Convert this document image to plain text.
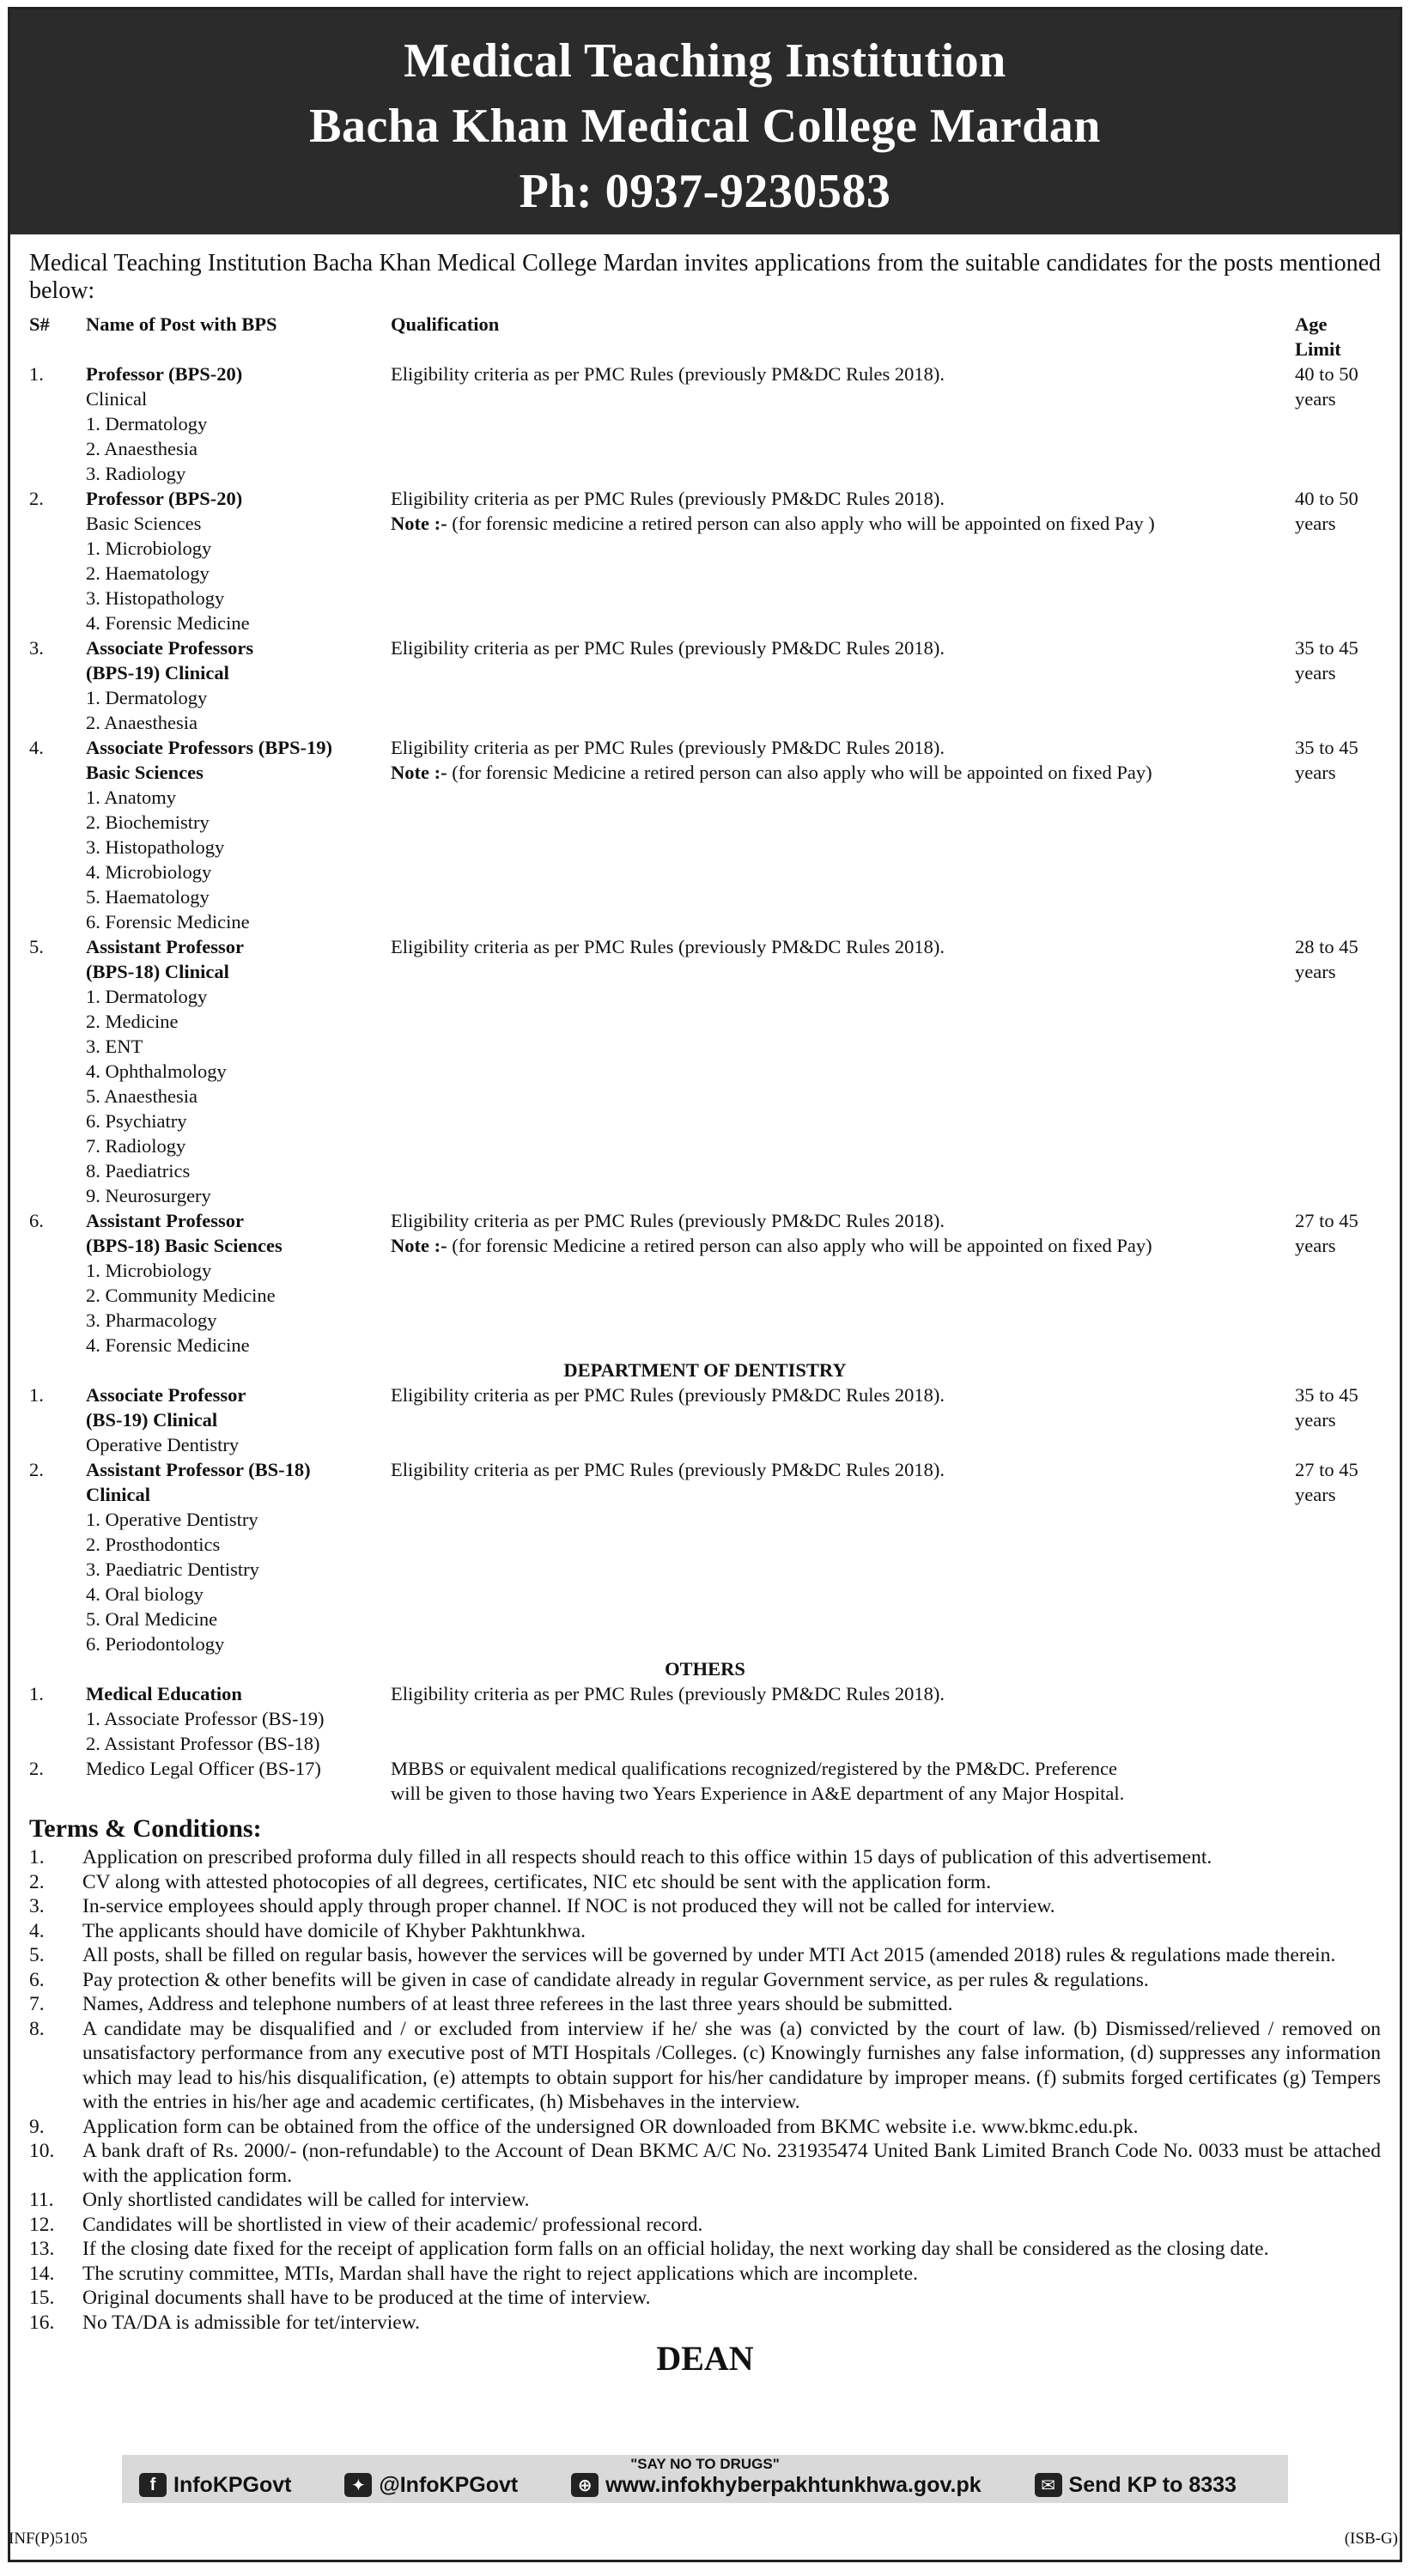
Medical Teaching Institution
Bacha Khan Medical College Mardan
Ph: 0937-9230583
Medical Teaching Institution Bacha Khan Medical College Mardan invites applications from the suitable candidates for the posts mentioned below:
S#	Name of Post with BPS	Qualification	Age
Limit
1.	Professor (BPS-20)
Clinical
1. Dermatology
2. Anaesthesia
3. Radiology
Eligibility criteria as per PMC Rules (previously PM&DC Rules 2018).	40 to 50
years
2.	Professor (BPS-20)
Basic Sciences
1. Microbiology
2. Haematology
3. Histopathology
4. Forensic Medicine
Eligibility criteria as per PMC Rules (previously PM&DC Rules 2018).
Note :- (for forensic medicine a retired person can also apply who will be appointed on fixed Pay )
40 to 50
years
3.	Associate Professors
(BPS-19) Clinical
1. Dermatology
2. Anaesthesia
Eligibility criteria as per PMC Rules (previously PM&DC Rules 2018).	35 to 45
years
4.	Associate Professors (BPS-19)
Basic Sciences
1. Anatomy
2. Biochemistry
3. Histopathology
4. Microbiology
5. Haematology
6. Forensic Medicine
Eligibility criteria as per PMC Rules (previously PM&DC Rules 2018).
Note :- (for forensic Medicine a retired person can also apply who will be appointed on fixed Pay)
35 to 45
years
5.	Assistant Professor
(BPS-18) Clinical
1. Dermatology
2. Medicine
3. ENT
4. Ophthalmology
5. Anaesthesia
6. Psychiatry
7. Radiology
8. Paediatrics
9. Neurosurgery
Eligibility criteria as per PMC Rules (previously PM&DC Rules 2018).	28 to 45
years
6.	Assistant Professor
(BPS-18) Basic Sciences
1. Microbiology
2. Community Medicine
3. Pharmacology
4. Forensic Medicine
Eligibility criteria as per PMC Rules (previously PM&DC Rules 2018).
Note :- (for forensic Medicine a retired person can also apply who will be appointed on fixed Pay)
27 to 45
years
DEPARTMENT OF DENTISTRY
1.	Associate Professor
(BS-19) Clinical
Operative Dentistry
Eligibility criteria as per PMC Rules (previously PM&DC Rules 2018).	35 to 45
years
2.	Assistant Professor (BS-18)
Clinical
1. Operative Dentistry
2. Prosthodontics
3. Paediatric Dentistry
4. Oral biology
5. Oral Medicine
6. Periodontology
Eligibility criteria as per PMC Rules (previously PM&DC Rules 2018).	27 to 45
years
OTHERS
1.	Medical Education
1. Associate Professor (BS-19)
2. Assistant Professor (BS-18)
Eligibility criteria as per PMC Rules (previously PM&DC Rules 2018).
2.	Medico Legal Officer (BS-17)	MBBS or equivalent medical qualifications recognized/registered by the PM&DC. Preference
will be given to those having two Years Experience in A&E department of any Major Hospital.
Terms & Conditions:
1.	Application on prescribed proforma duly filled in all respects should reach to this office within 15 days of publication of this advertisement.
2.	CV along with attested photocopies of all degrees, certificates, NIC etc should be sent with the application form.
3.	In-service employees should apply through proper channel. If NOC is not produced they will not be called for interview.
4.	The applicants should have domicile of Khyber Pakhtunkhwa.
5.	All posts, shall be filled on regular basis, however the services will be governed by under MTI Act 2015 (amended 2018) rules & regulations made therein.
6.	Pay protection & other benefits will be given in case of candidate already in regular Government service, as per rules & regulations.
7.	Names, Address and telephone numbers of at least three referees in the last three years should be submitted.
8.	A candidate may be disqualified and / or excluded from interview if he/ she was (a) convicted by the court of law. (b) Dismissed/relieved / removed on unsatisfactory performance from any executive post of MTI Hospitals /Colleges. (c) Knowingly furnishes any false information, (d) suppresses any information which may lead to his/his disqualification, (e) attempts to obtain support for his/her candidature by improper means. (f) submits forged certificates (g) Tempers with the entries in his/her age and academic certificates, (h) Misbehaves in the interview.
9.	Application form can be obtained from the office of the undersigned OR downloaded from BKMC website i.e. www.bkmc.edu.pk.
10.	A bank draft of Rs. 2000/- (non-refundable) to the Account of Dean BKMC A/C No. 231935474 United Bank Limited Branch Code No. 0033 must be attached with the application form.
11.	Only shortlisted candidates will be called for interview.
12.	Candidates will be shortlisted in view of their academic/ professional record.
13.	If the closing date fixed for the receipt of application form falls on an official holiday, the next working day shall be considered as the closing date.
14.	The scrutiny committee, MTIs, Mardan shall have the right to reject applications which are incomplete.
15.	Original documents shall have to be produced at the time of interview.
16.	No TA/DA is admissible for tet/interview.
DEAN
"SAY NO TO DRUGS"
f InfoKPGovt	✦ @InfoKPGovt	⊕ www.infokhyberpakhtunkhwa.gov.pk	✉ Send KP to 8333
INF(P)5105	(ISB-G)
